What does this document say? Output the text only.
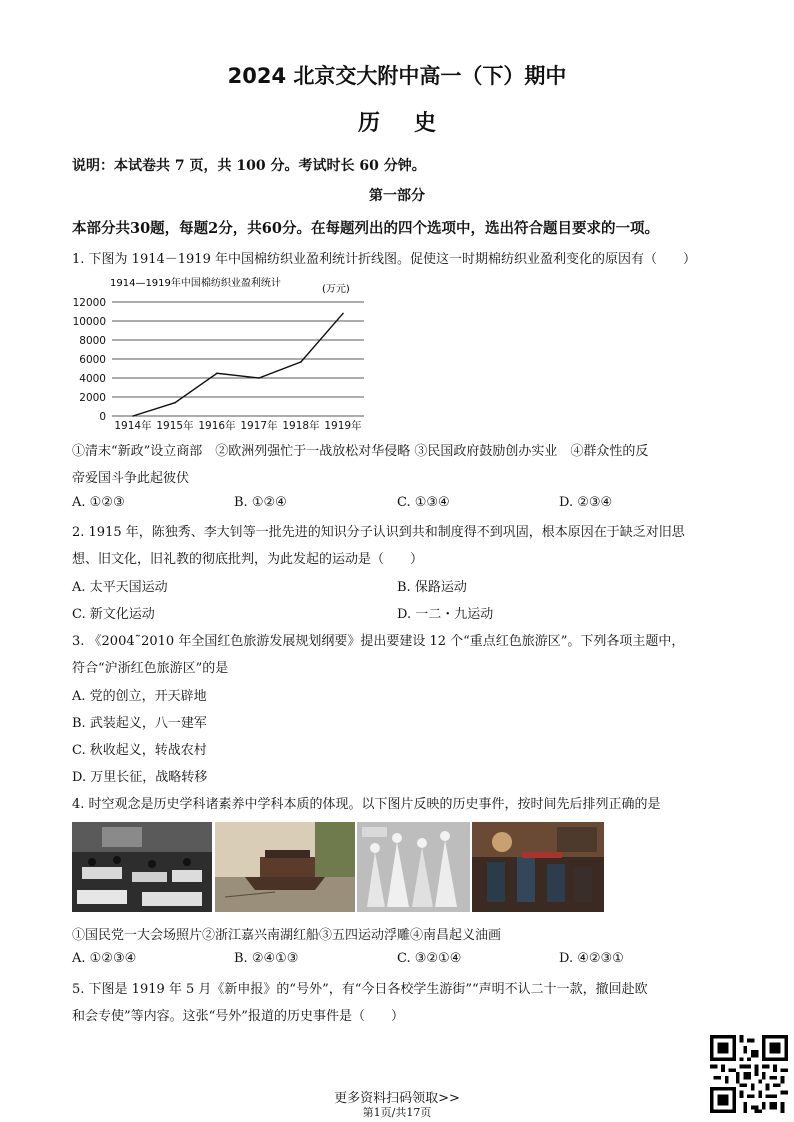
2024 北京交大附中高一（下）期中
历史
说明：本试卷共 7 页，共 100 分。考试时长 60 分钟。
第一部分
本部分共30题，每题2分，共60分。在每题列出的四个选项中，选出符合题目要求的一项。
1. 下图为 1914－1919 年中国棉纺织业盈利统计折线图。促使这一时期棉纺织业盈利变化的原因有（　　）
1914—1919年中国棉纺织业盈利统计
(万元)
12000
10000
8000
6000
4000
2000
0
1914年 1915年 1916年 1917年 1918年 1919年
①清末“新政”设立商部　②欧洲列强忙于一战放松对华侵略 ③民国政府鼓励创办实业　④群众性的反
帝爱国斗争此起彼伏
A. ①②③	B. ①②④	C. ①③④	D. ②③④
2. 1915 年，陈独秀、李大钊等一批先进的知识分子认识到共和制度得不到巩固，根本原因在于缺乏对旧思
想、旧文化，旧礼教的彻底批判，为此发起的运动是（　　）
A. 太平天国运动	B. 保路运动
C. 新文化运动	D. 一二・九运动
3. 《2004˜2010 年全国红色旅游发展规划纲要》提出要建设 12 个“重点红色旅游区”。下列各项主题中，
符合“沪浙红色旅游区”的是
A. 党的创立，开天辟地
B. 武装起义，八一建军
C. 秋收起义，转战农村
D. 万里长征，战略转移
4. 时空观念是历史学科诸素养中学科本质的体现。以下图片反映的历史事件，按时间先后排列正确的是
①国民党一大会场照片②浙江嘉兴南湖红船③五四运动浮雕④南昌起义油画
A. ①②③④	B. ②④①③	C. ③②①④	D. ④②③①
5. 下图是 1919 年 5 月《新申报》的“号外”，有“今日各校学生游街”“声明不认二十一款，撤回赴欧
和会专使”等内容。这张“号外”报道的历史事件是（　　）
更多资料扫码领取>>
第1页/共17页
